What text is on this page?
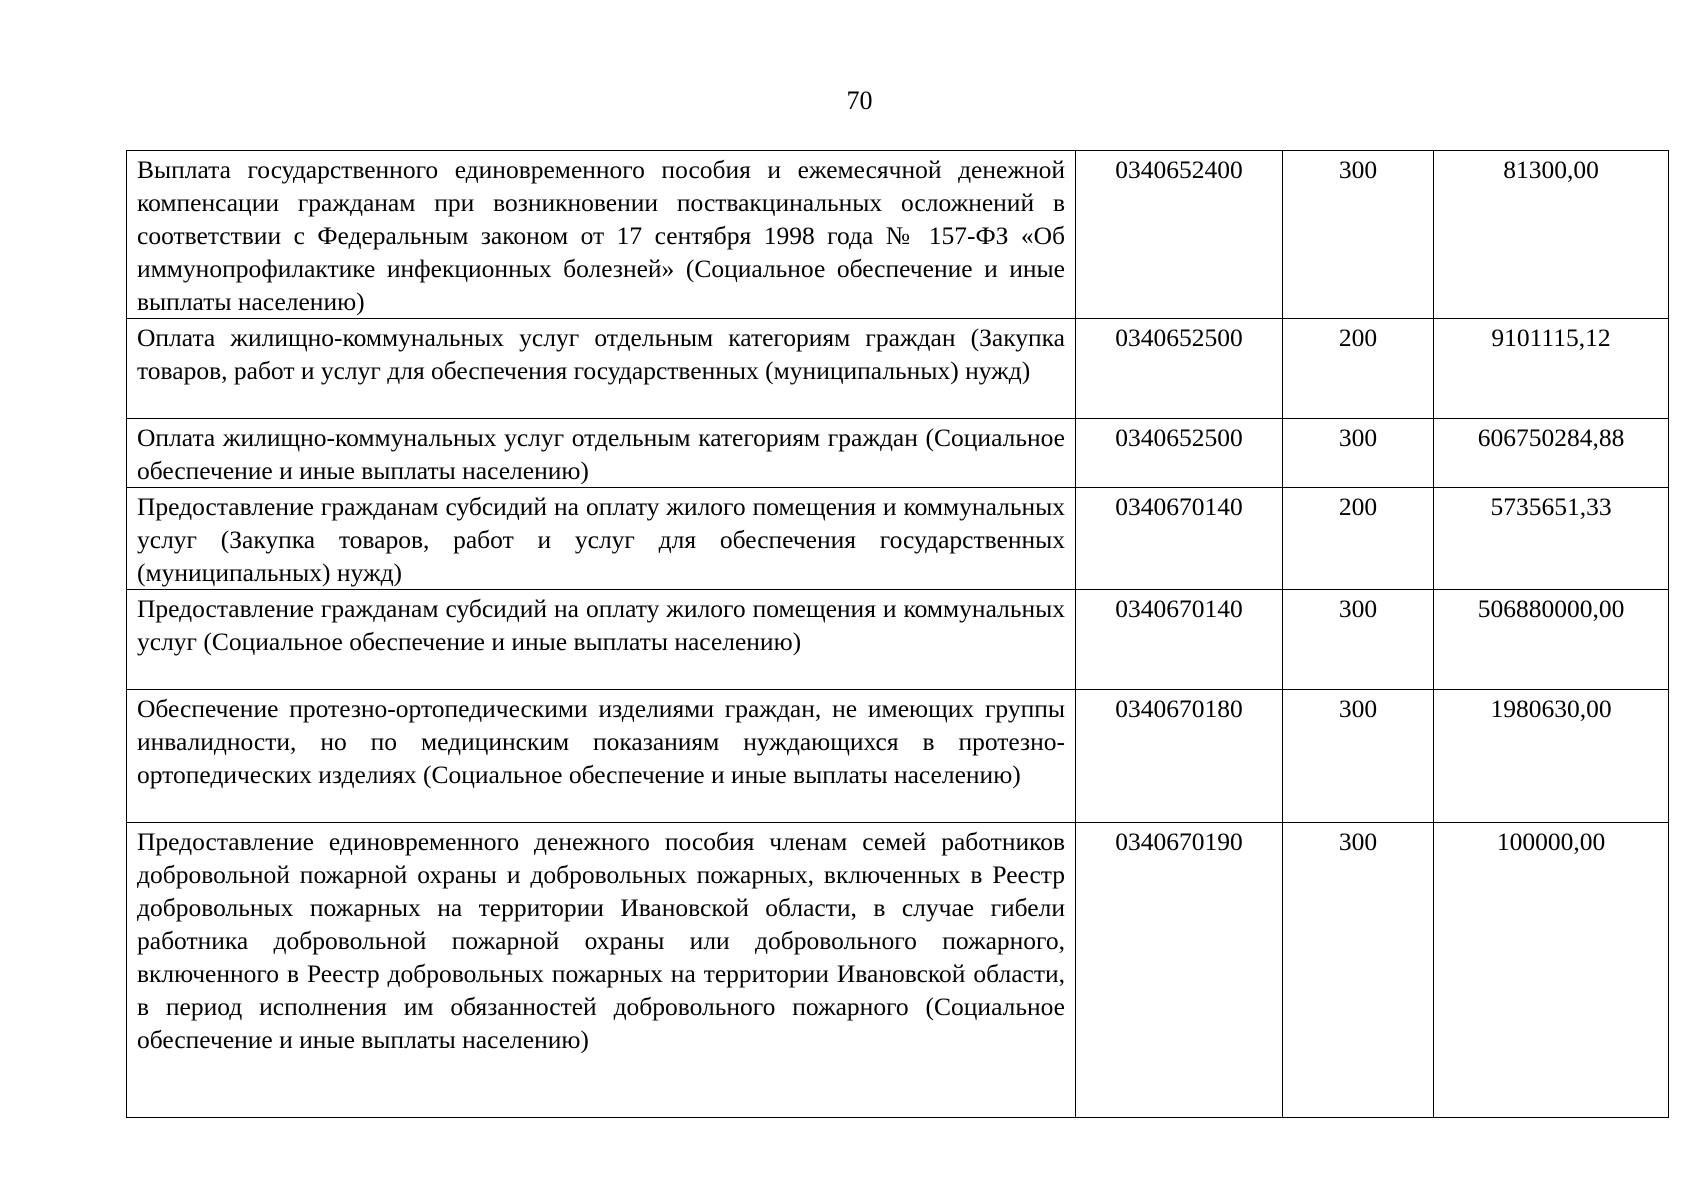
70
Выплата государственного единовременного пособия и ежемесячной денежной компенсации гражданам при возникновении поствакцинальных осложнений в соответствии с Федеральным законом от 17 сентября 1998 года № 157-ФЗ «Об иммунопрофилактике инфекционных болезней» (Социальное обеспечение и иные выплаты населению)	0340652400	300	81300,00
Оплата жилищно-коммунальных услуг отдельным категориям граждан (Закупка товаров, работ и услуг для обеспечения государственных (муниципальных) нужд)	0340652500	200	9101115,12
Оплата жилищно-коммунальных услуг отдельным категориям граждан (Социальное обеспечение и иные выплаты населению)	0340652500	300	606750284,88
Предоставление гражданам субсидий на оплату жилого помещения и коммунальных услуг (Закупка товаров, работ и услуг для обеспечения государственных (муниципальных) нужд)	0340670140	200	5735651,33
Предоставление гражданам субсидий на оплату жилого помещения и коммунальных услуг (Социальное обеспечение и иные выплаты населению)	0340670140	300	506880000,00
Обеспечение протезно-ортопедическими изделиями граждан, не имеющих группы инвалидности, но по медицинским показаниям нуждающихся в протезно-ортопедических изделиях (Социальное обеспечение и иные выплаты населению)	0340670180	300	1980630,00
Предоставление единовременного денежного пособия членам семей работников добровольной пожарной охраны и добровольных пожарных, включенных в Реестр добровольных пожарных на территории Ивановской области, в случае гибели работника добровольной пожарной охраны или добровольного пожарного, включенного в Реестр добровольных пожарных на территории Ивановской области, в период исполнения им обязанностей добровольного пожарного (Социальное обеспечение и иные выплаты населению)	0340670190	300	100000,00
